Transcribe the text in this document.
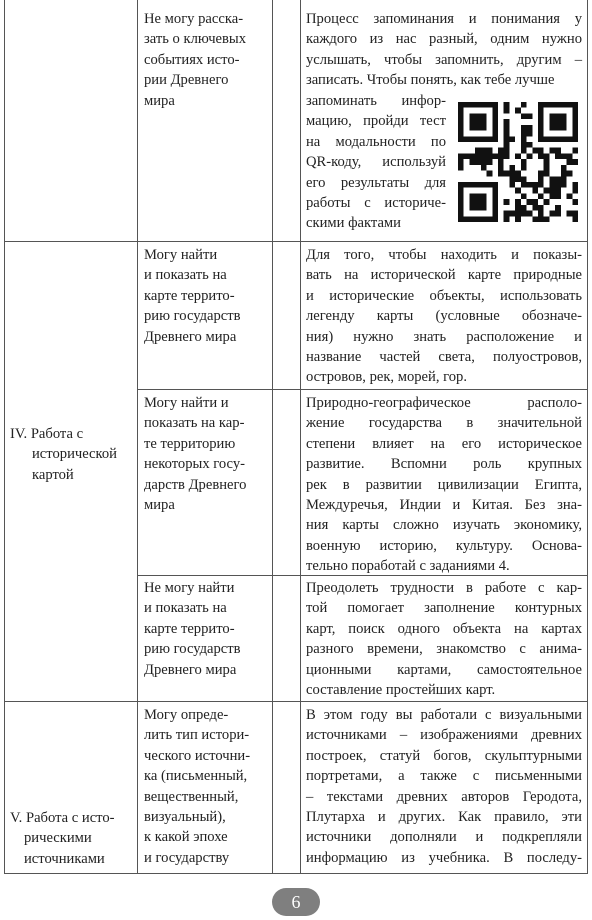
Не могу расска-
зать о ключевых
событиях исто-
рии Древнего
мира
Процесс запоминания и понимания у
каждого из нас разный, одним нужно
услышать, чтобы запомнить, другим –
записать. Чтобы понять, как тебе лучше
запоминать инфор-
мацию, пройди тест
на модальности по
QR-коду, используй
его результаты для
работы с историче-
скими фактами
IV. Работа с
исторической
картой
Могу найти
и показать на
карте террито-
рию государств
Древнего мира
Для того, чтобы находить и показы-
вать на исторической карте природные
и исторические объекты, использовать
легенду карты (условные обозначе-
ния) нужно знать расположение и
название частей света, полуостровов,
островов, рек, морей, гор.
Могу найти и
показать на кар-
те территорию
некоторых госу-
дарств Древнего
мира
Природно-географическое располо-
жение государства в значительной
степени влияет на его историческое
развитие. Вспомни роль крупных
рек в развитии цивилизации Египта,
Междуречья, Индии и Китая. Без зна-
ния карты сложно изучать экономику,
военную историю, культуру. Основа-
тельно поработай с заданиями 4.
Не могу найти
и показать на
карте террито-
рию государств
Древнего мира
Преодолеть трудности в работе с кар-
той помогает заполнение контурных
карт, поиск одного объекта на картах
разного времени, знакомство с анима-
ционными картами, самостоятельное
составление простейших карт.
V. Работа с исто-
рическими
источниками
Могу опреде-
лить тип истори-
ческого источни-
ка (письменный,
вещественный,
визуальный),
к какой эпохе
и государству
В этом году вы работали с визуальными
источниками – изображениями древних
построек, статуй богов, скульптурными
портретами, а также с письменными
– текстами древних авторов Геродота,
Плутарха и других. Как правило, эти
источники дополняли и подкрепляли
информацию из учебника. В последу-
6
